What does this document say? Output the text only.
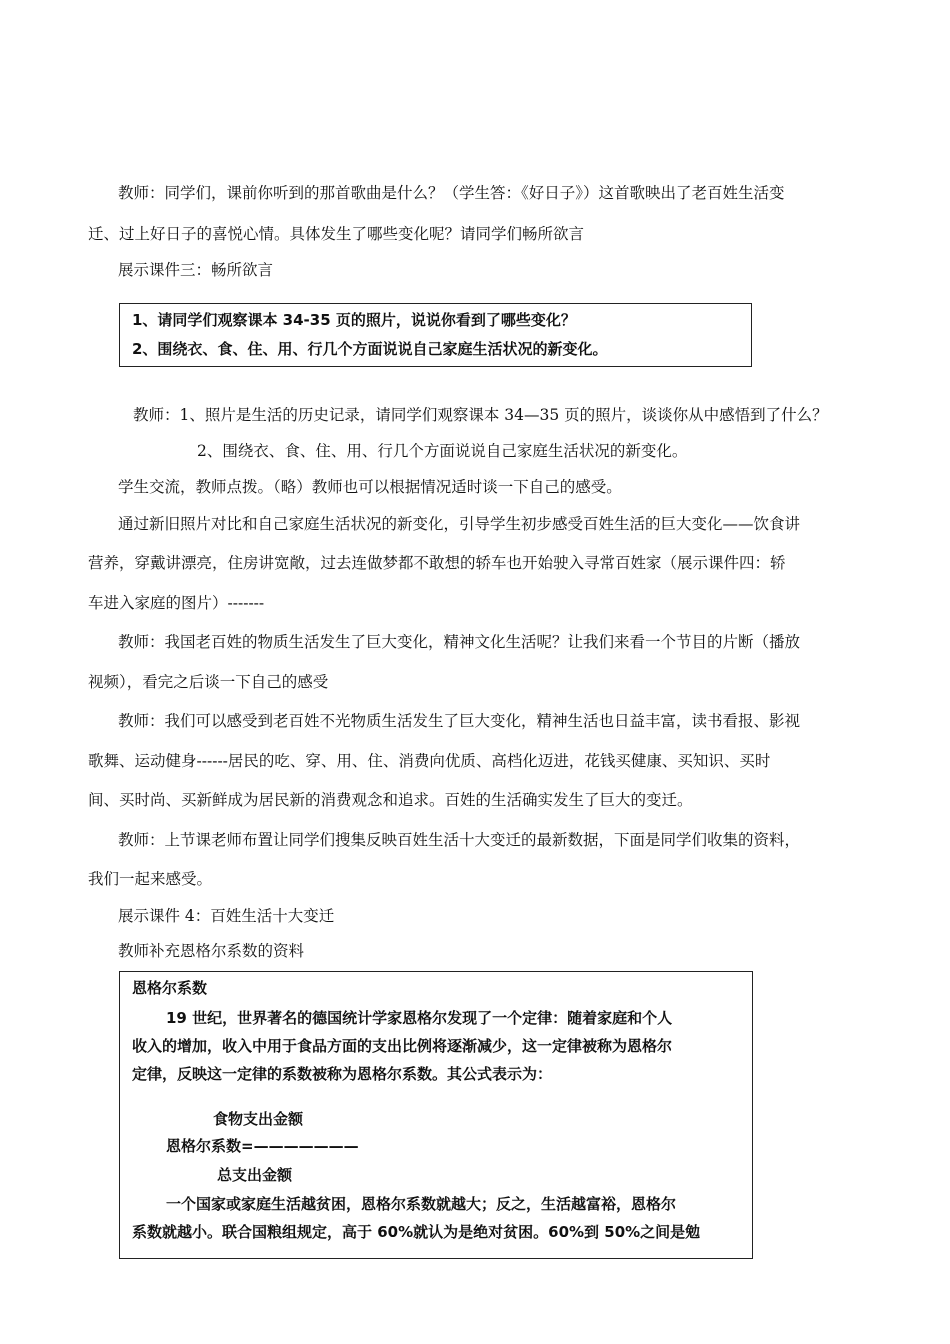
教师：同学们，课前你听到的那首歌曲是什么？（学生答：《好日子》）这首歌映出了老百姓生活变
迁、过上好日子的喜悦心情。具体发生了哪些变化呢？请同学们畅所欲言
展示课件三：畅所欲言
1、请同学们观察课本 34-35 页的照片，说说你看到了哪些变化？
2、围绕衣、食、住、用、行几个方面说说自己家庭生活状况的新变化。
教师：1、照片是生活的历史记录，请同学们观察课本 34—35 页的照片，谈谈你从中感悟到了什么？
2、围绕衣、食、住、用、行几个方面说说自己家庭生活状况的新变化。
学生交流，教师点拨。（略）教师也可以根据情况适时谈一下自己的感受。
通过新旧照片对比和自己家庭生活状况的新变化，引导学生初步感受百姓生活的巨大变化——饮食讲
营养，穿戴讲漂亮，住房讲宽敞，过去连做梦都不敢想的轿车也开始驶入寻常百姓家（展示课件四：轿
车进入家庭的图片）-------
教师：我国老百姓的物质生活发生了巨大变化，精神文化生活呢？让我们来看一个节目的片断（播放
视频），看完之后谈一下自己的感受
教师：我们可以感受到老百姓不光物质生活发生了巨大变化，精神生活也日益丰富，读书看报、影视
歌舞、运动健身------居民的吃、穿、用、住、消费向优质、高档化迈进，花钱买健康、买知识、买时
间、买时尚、买新鲜成为居民新的消费观念和追求。百姓的生活确实发生了巨大的变迁。
教师：上节课老师布置让同学们搜集反映百姓生活十大变迁的最新数据，下面是同学们收集的资料，
我们一起来感受。
展示课件 4：百姓生活十大变迁
教师补充恩格尔系数的资料
恩格尔系数
19 世纪，世界著名的德国统计学家恩格尔发现了一个定律：随着家庭和个人
收入的增加，收入中用于食品方面的支出比例将逐渐减少，这一定律被称为恩格尔
定律，反映这一定律的系数被称为恩格尔系数。其公式表示为：
食物支出金额
恩格尔系数=———————
总支出金额
一个国家或家庭生活越贫困，恩格尔系数就越大；反之，生活越富裕，恩格尔
系数就越小。联合国粮组规定，高于 60%就认为是绝对贫困。60%到 50%之间是勉
